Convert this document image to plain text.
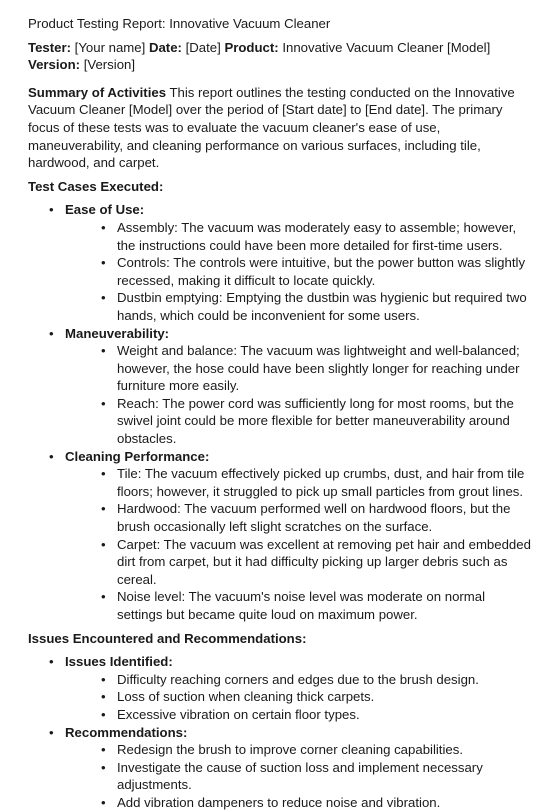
Product Testing Report: Innovative Vacuum Cleaner
Tester: [Your name] Date: [Date] Product: Innovative Vacuum Cleaner [Model] Version: [Version]
Summary of Activities This report outlines the testing conducted on the Innovative Vacuum Cleaner [Model] over the period of [Start date] to [End date]. The primary focus of these tests was to evaluate the vacuum cleaner's ease of use, maneuverability, and cleaning performance on various surfaces, including tile, hardwood, and carpet.
Test Cases Executed:
• Ease of Use:
• Assembly: The vacuum was moderately easy to assemble; however, the instructions could have been more detailed for first-time users.
• Controls: The controls were intuitive, but the power button was slightly recessed, making it difficult to locate quickly.
• Dustbin emptying: Emptying the dustbin was hygienic but required two hands, which could be inconvenient for some users.
• Maneuverability:
• Weight and balance: The vacuum was lightweight and well-balanced; however, the hose could have been slightly longer for reaching under furniture more easily.
• Reach: The power cord was sufficiently long for most rooms, but the swivel joint could be more flexible for better maneuverability around obstacles.
• Cleaning Performance:
• Tile: The vacuum effectively picked up crumbs, dust, and hair from tile floors; however, it struggled to pick up small particles from grout lines.
• Hardwood: The vacuum performed well on hardwood floors, but the brush occasionally left slight scratches on the surface.
• Carpet: The vacuum was excellent at removing pet hair and embedded dirt from carpet, but it had difficulty picking up larger debris such as cereal.
• Noise level: The vacuum's noise level was moderate on normal settings but became quite loud on maximum power.
Issues Encountered and Recommendations:
• Issues Identified:
• Difficulty reaching corners and edges due to the brush design.
• Loss of suction when cleaning thick carpets.
• Excessive vibration on certain floor types.
• Recommendations:
• Redesign the brush to improve corner cleaning capabilities.
• Investigate the cause of suction loss and implement necessary adjustments.
• Add vibration dampeners to reduce noise and vibration.
